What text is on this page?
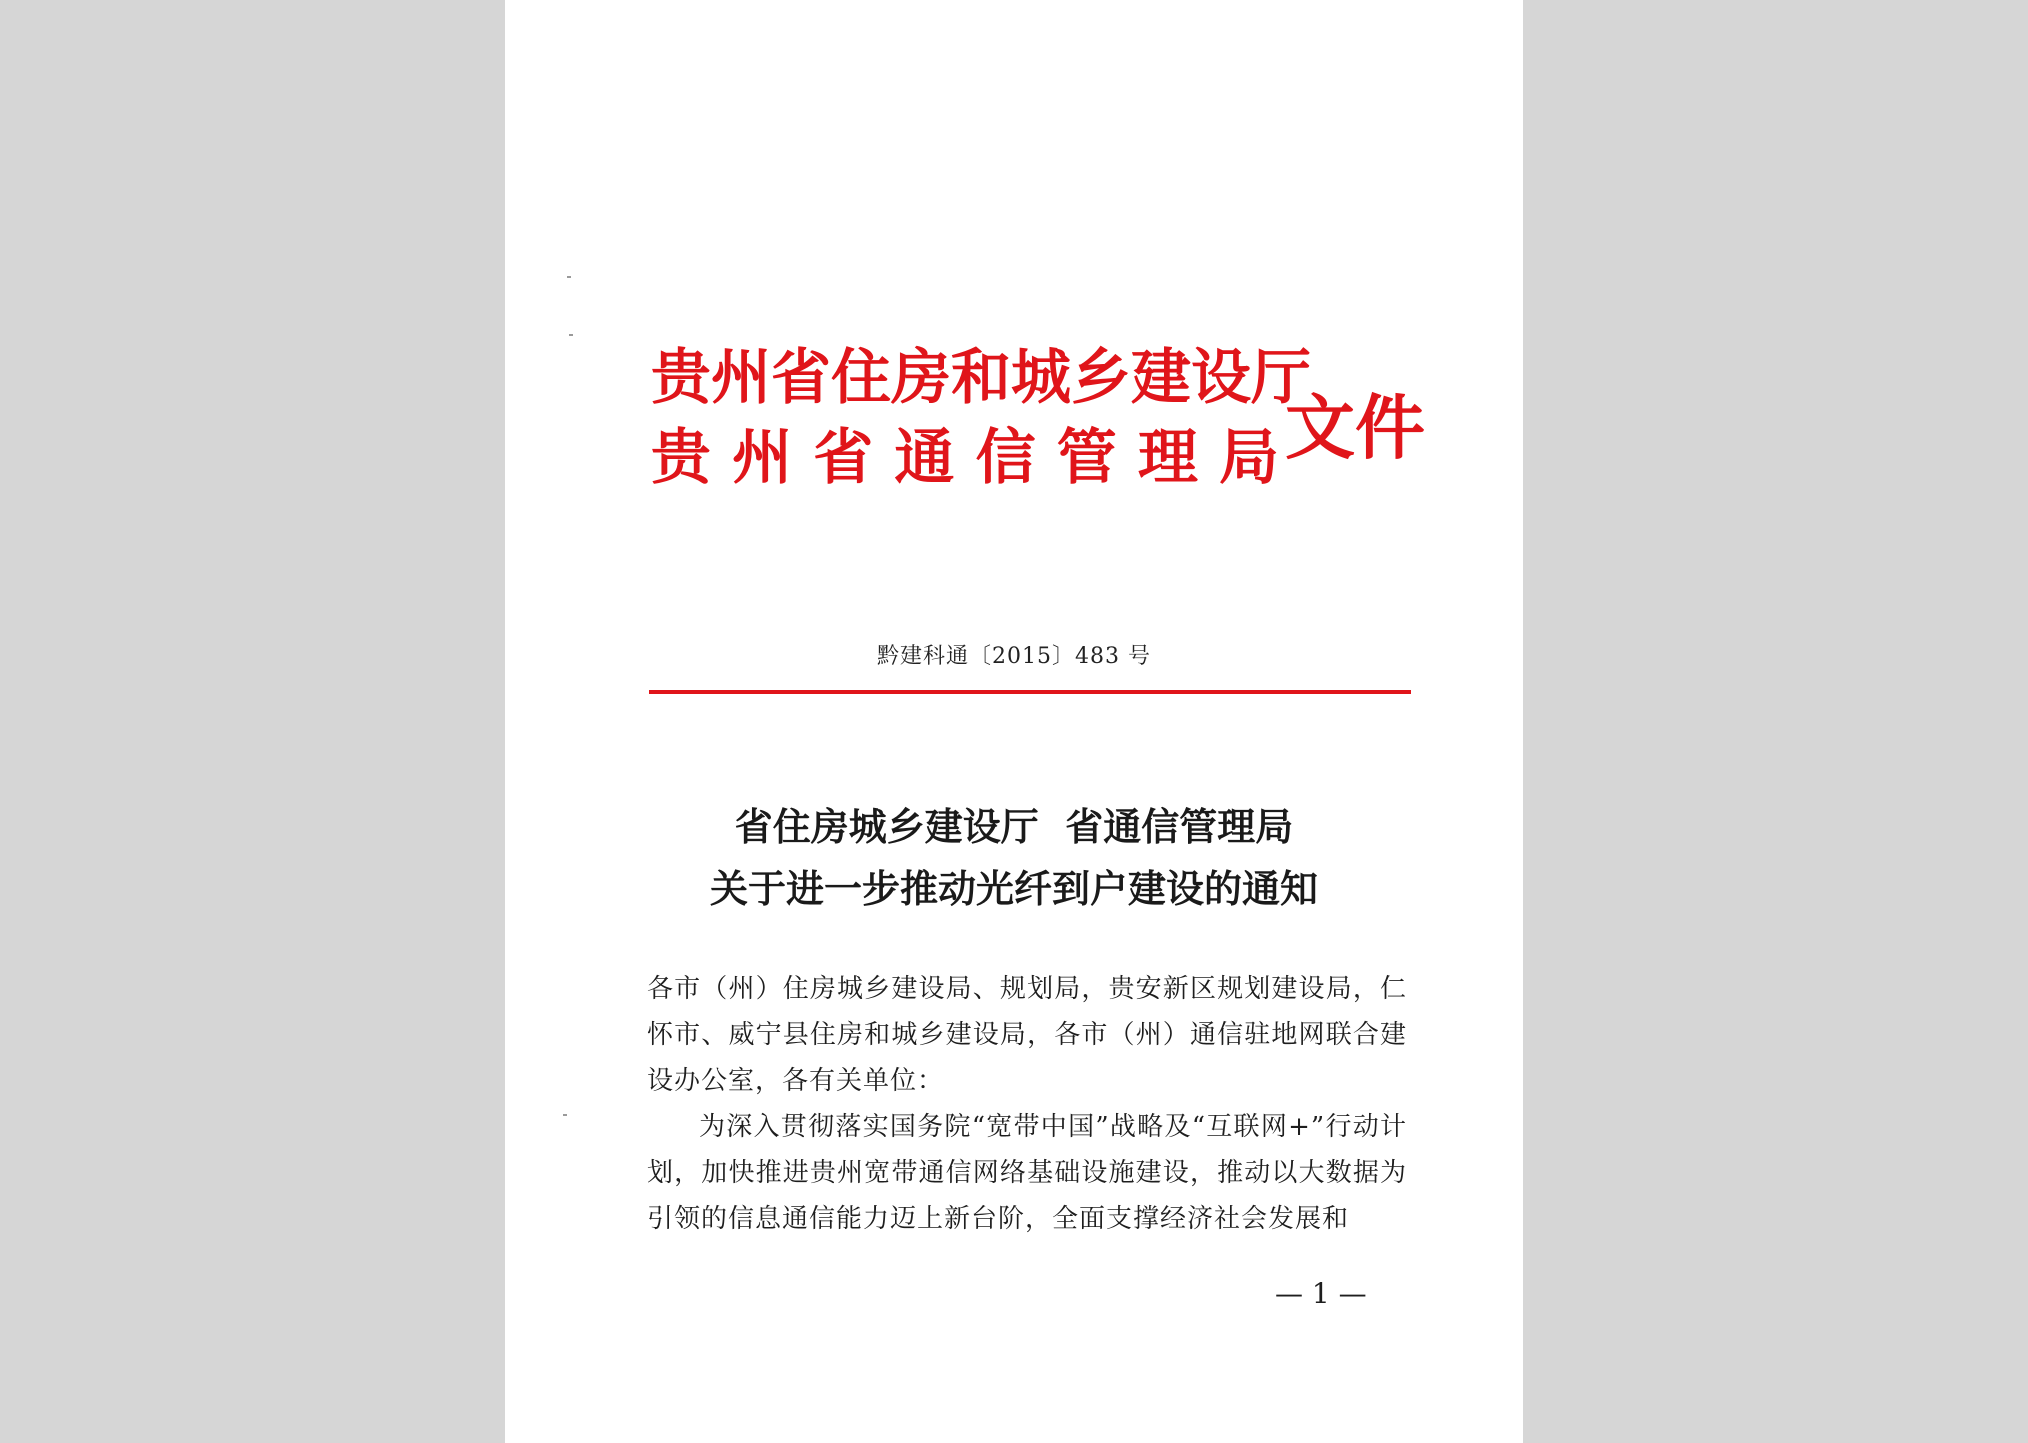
贵 州 省 住 房 和 城 乡 建 设 厅
贵 州 省 通 信 管 理 局 文件
黔建科通〔2015〕483 号
省住房城乡建设厅  省通信管理局
关于进一步推动光纤到户建设的通知

各市（州）住房城乡建设局、规划局，贵安新区规划建设局，仁怀市、威宁县住房和城乡建设局，各市（州）通信驻地网联合建设办公室，各有关单位：

为深入贯彻落实国务院“宽带中国”战略及“互联网+”行动计划，加快推进贵州宽带通信网络基础设施建设，推动以大数据为引领的信息通信能力迈上新台阶，全面支撑经济社会发展和

— 1 —
